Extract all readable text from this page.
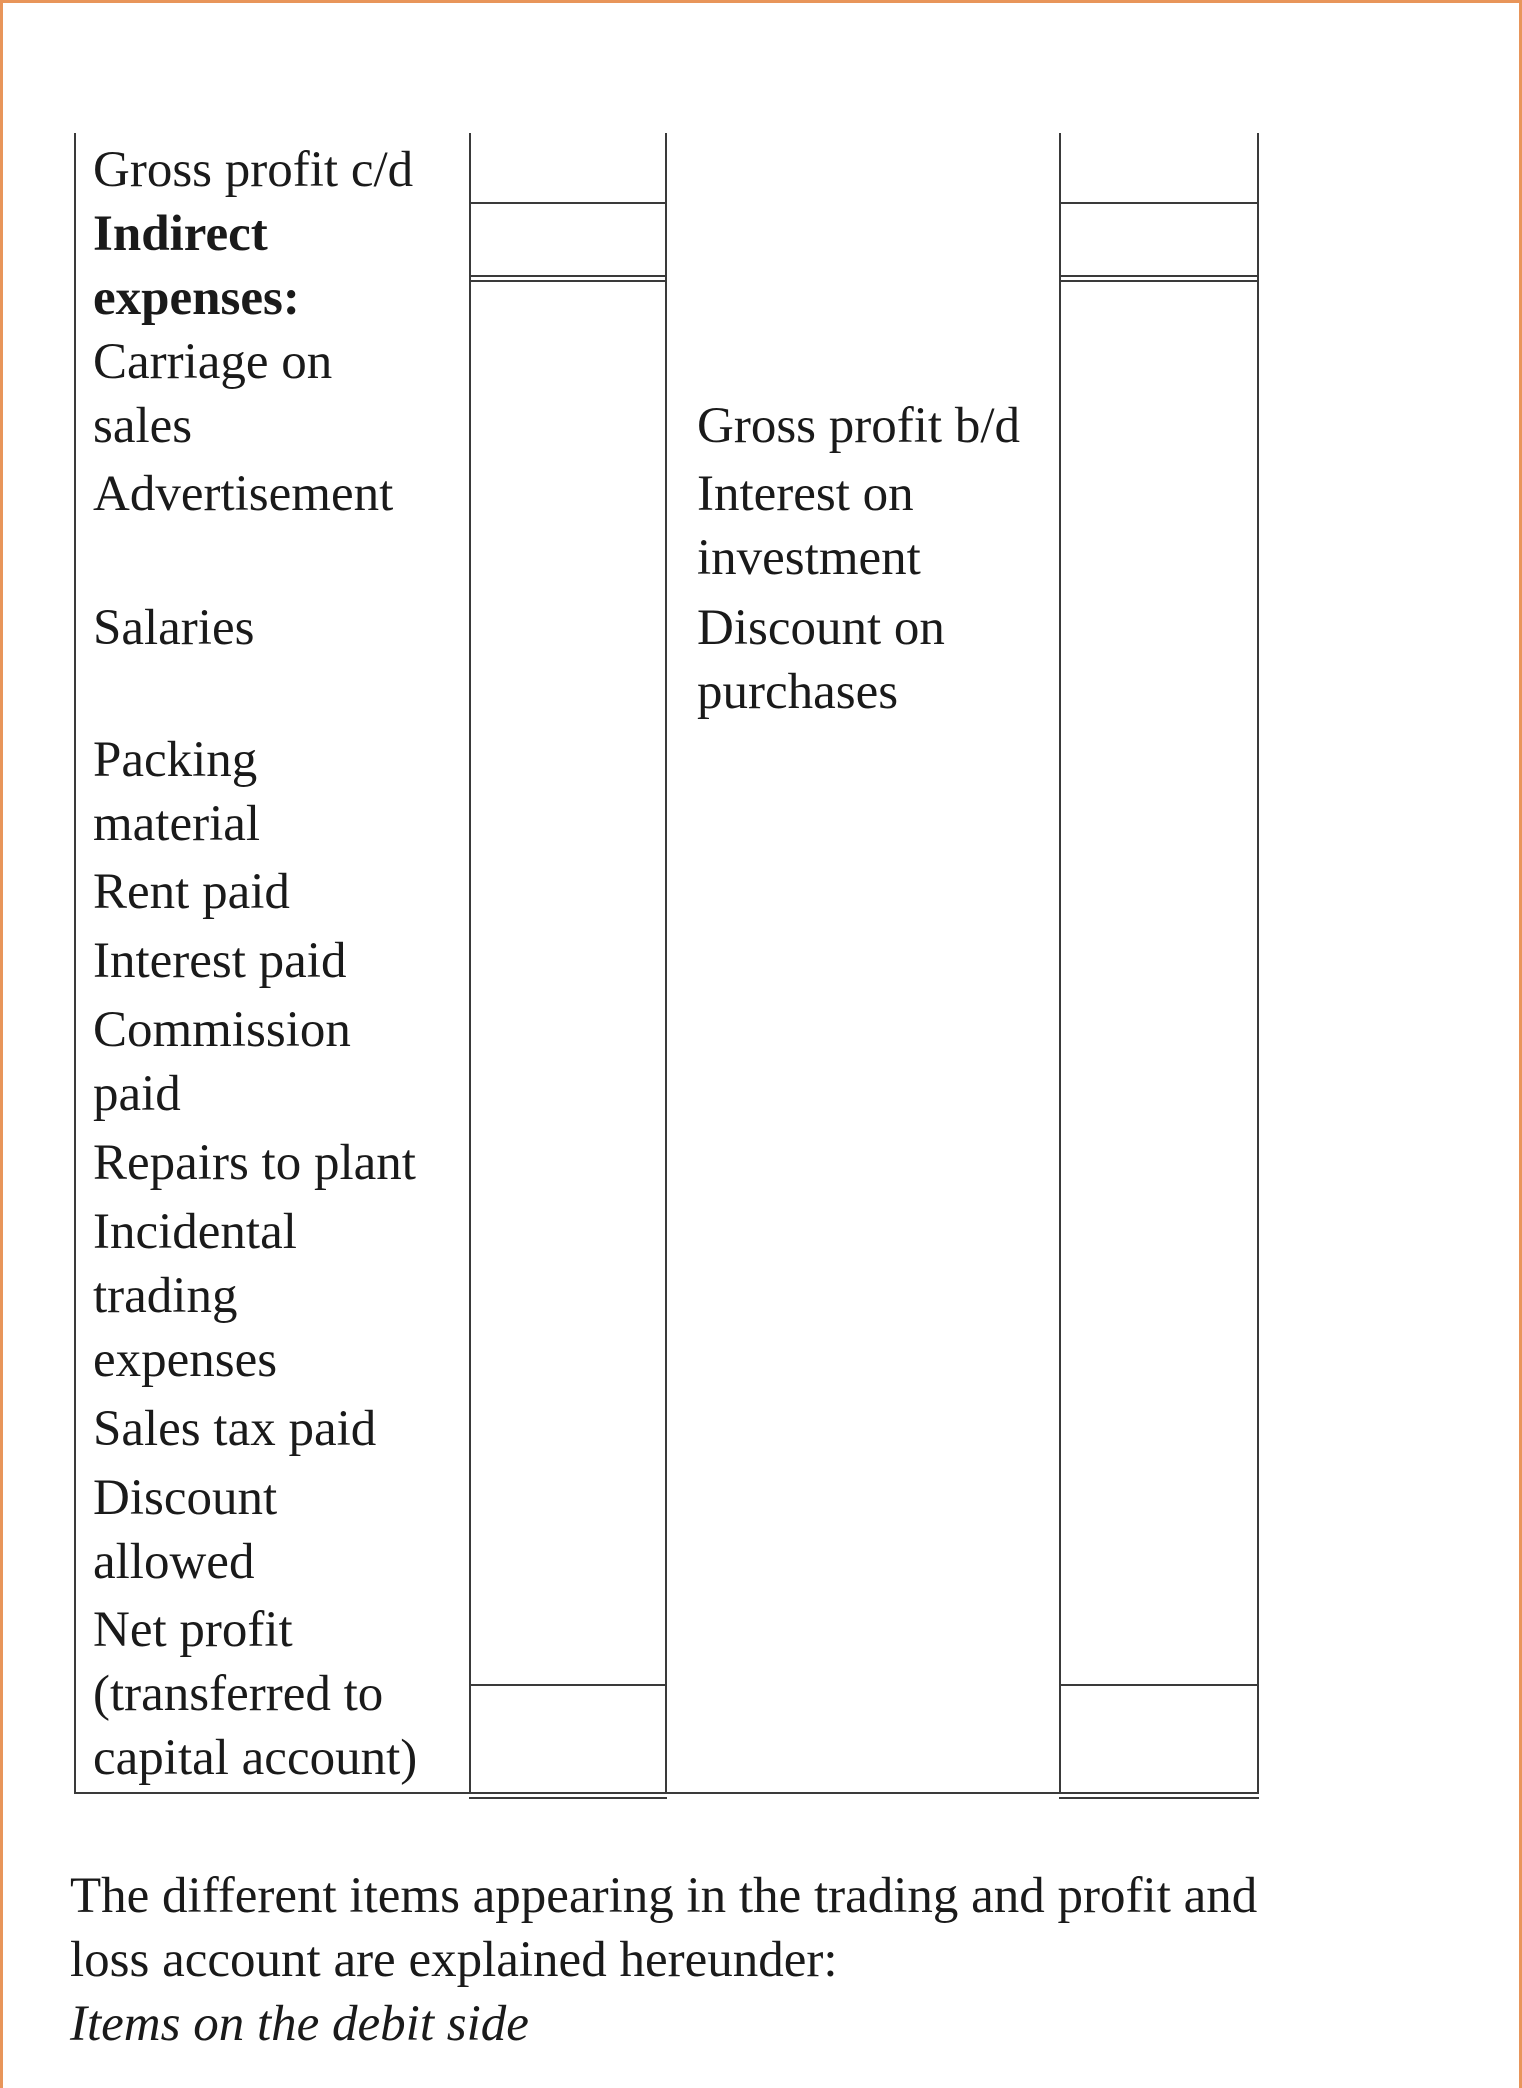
Gross profit c/d

Indirect

expenses:

Carriage on

sales

Advertisement

Salaries

Packing

material

Rent paid

Interest paid

Commission

paid

Repairs to plant

Incidental

trading

expenses

Sales tax paid

Discount

allowed

Net profit

(transferred to

capital account)

Gross profit b/d

Interest on

investment

Discount on

purchases

The different items appearing in the trading and profit and

loss account are explained hereunder:

Items on the debit side
